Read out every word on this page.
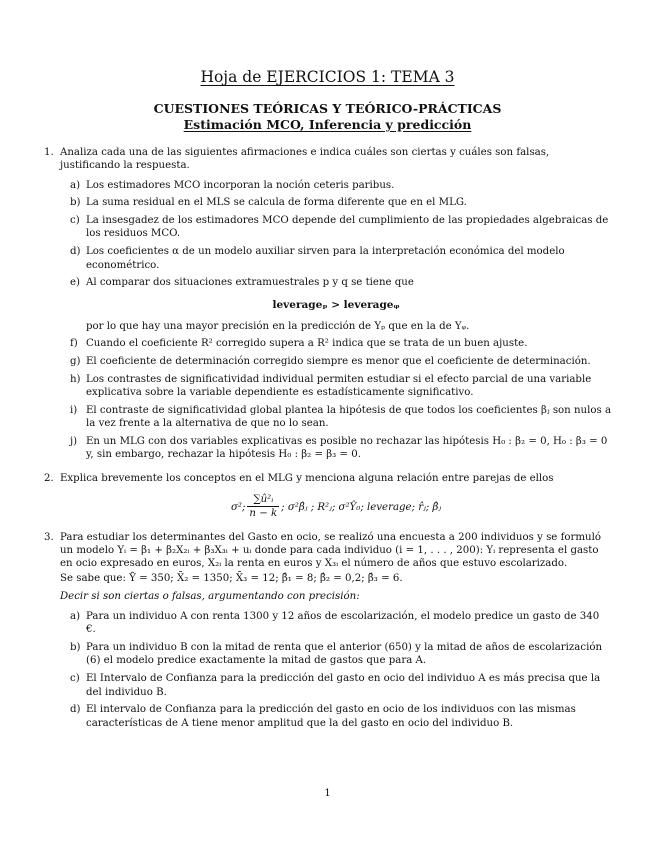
Hoja de EJERCICIOS 1: TEMA 3
CUESTIONES TEÓRICAS Y TEÓRICO-PRÁCTICAS
Estimación MCO, Inferencia y predicción
1. Analiza cada una de las siguientes afirmaciones e indica cuáles son ciertas y cuáles son falsas, justificando la respuesta.
a) Los estimadores MCO incorporan la noción ceteris paribus.
b) La suma residual en el MLS se calcula de forma diferente que en el MLG.
c) La insesgadez de los estimadores MCO depende del cumplimiento de las propiedades algebraicas de los residuos MCO.
d) Los coeficientes α de un modelo auxiliar sirven para la interpretación económica del modelo econométrico.
e) Al comparar dos situaciones extramuestrales p y q se tiene que
leverageₚ > leverageᵩ
por lo que hay una mayor precisión en la predicción de Yₚ que en la de Yᵩ.
f) Cuando el coeficiente R² corregido supera a R² indica que se trata de un buen ajuste.
g) El coeficiente de determinación corregido siempre es menor que el coeficiente de determinación.
h) Los contrastes de significatividad individual permiten estudiar si el efecto parcial de una variable explicativa sobre la variable dependiente es estadísticamente significativo.
i) El contraste de significatividad global plantea la hipótesis de que todos los coeficientes βⱼ son nulos a la vez frente a la alternativa de que no lo sean.
j) En un MLG con dos variables explicativas es posible no rechazar las hipótesis H₀ : β₂ = 0, H₀ : β₃ = 0 y, sin embargo, rechazar la hipótesis H₀ : β₂ = β₃ = 0.
2. Explica brevemente los conceptos en el MLG y menciona alguna relación entre parejas de ellos
σ²; $\frac{\text{∑û²ᵢ}}{n - k}$ ; σ²β̂ⱼ ; R²ⱼ; σ²Ŷ₀; leverage; r̂ⱼ; β̂ⱼ
3. Para estudiar los determinantes del Gasto en ocio, se realizó una encuesta a 200 individuos y se formuló un modelo Yᵢ = β₁ + β₂X₂ᵢ + β₃X₃ᵢ + uᵢ donde para cada individuo (i = 1, . . . , 200): Yᵢ representa el gasto en ocio expresado en euros, X₂ᵢ la renta en euros y X₃ᵢ el número de años que estuvo escolarizado.
Se sabe que: Ȳ = 350; X̄₂ = 1350; X̄₃ = 12; β̂₁ = 8; β̂₂ = 0,2; β̂₃ = 6.
Decir si son ciertas o falsas, argumentando con precisión:
a) Para un individuo A con renta 1300 y 12 años de escolarización, el modelo predice un gasto de 340 €.
b) Para un individuo B con la mitad de renta que el anterior (650) y la mitad de años de escolarización (6) el modelo predice exactamente la mitad de gastos que para A.
c) El Intervalo de Confianza para la predicción del gasto en ocio del individuo A es más precisa que la del individuo B.
d) El intervalo de Confianza para la predicción del gasto en ocio de los individuos con las mismas características de A tiene menor amplitud que la del gasto en ocio del individuo B.
1
